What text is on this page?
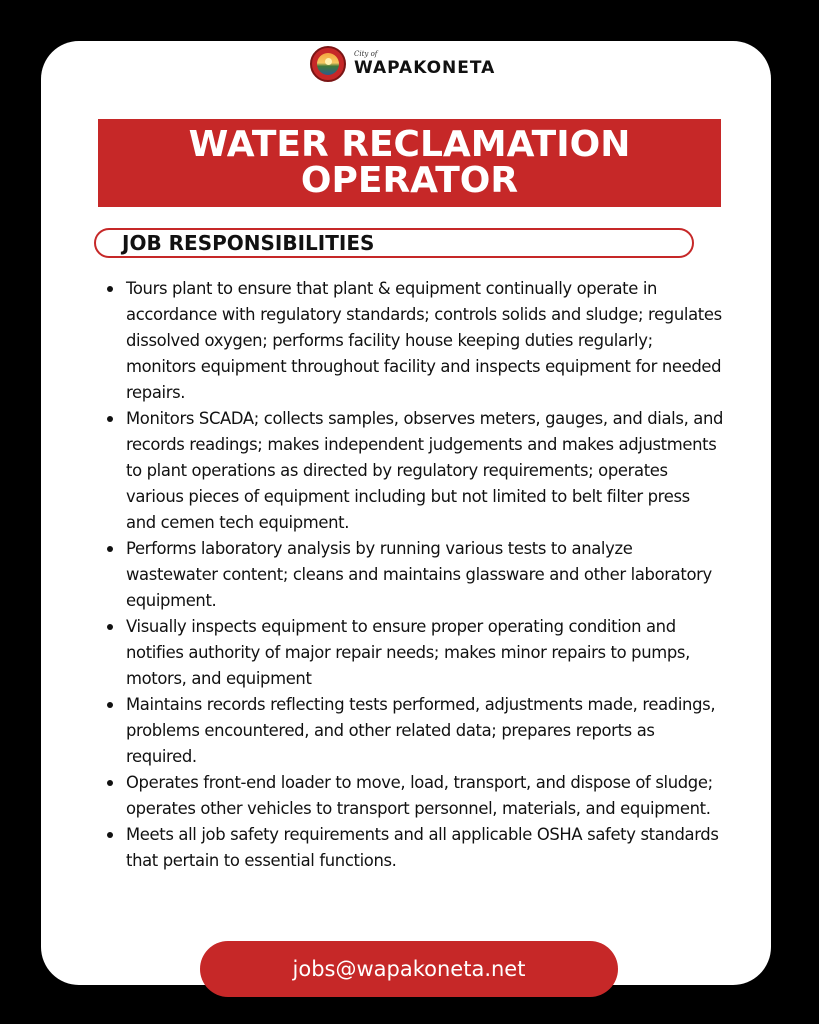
City of
WAPAKONETA
WATER RECLAMATION
OPERATOR
JOB RESPONSIBILITIES
Tours plant to ensure that plant & equipment continually operate in accordance with regulatory standards; controls solids and sludge; regulates dissolved oxygen; performs facility house keeping duties regularly; monitors equipment throughout facility and inspects equipment for needed repairs.
Monitors SCADA; collects samples, observes meters, gauges, and dials, and records readings; makes independent judgements and makes adjustments to plant operations as directed by regulatory requirements; operates various pieces of equipment including but not limited to belt filter press and cemen tech equipment.
Performs laboratory analysis by running various tests to analyze wastewater content; cleans and maintains glassware and other laboratory equipment.
Visually inspects equipment to ensure proper operating condition and notifies authority of major repair needs; makes minor repairs to pumps, motors, and equipment
Maintains records reflecting tests performed, adjustments made, readings, problems encountered, and other related data; prepares reports as required.
Operates front-end loader to move, load, transport, and dispose of sludge; operates other vehicles to transport personnel, materials, and equipment.
Meets all job safety requirements and all applicable OSHA safety standards that pertain to essential functions.
jobs@wapakoneta.net
